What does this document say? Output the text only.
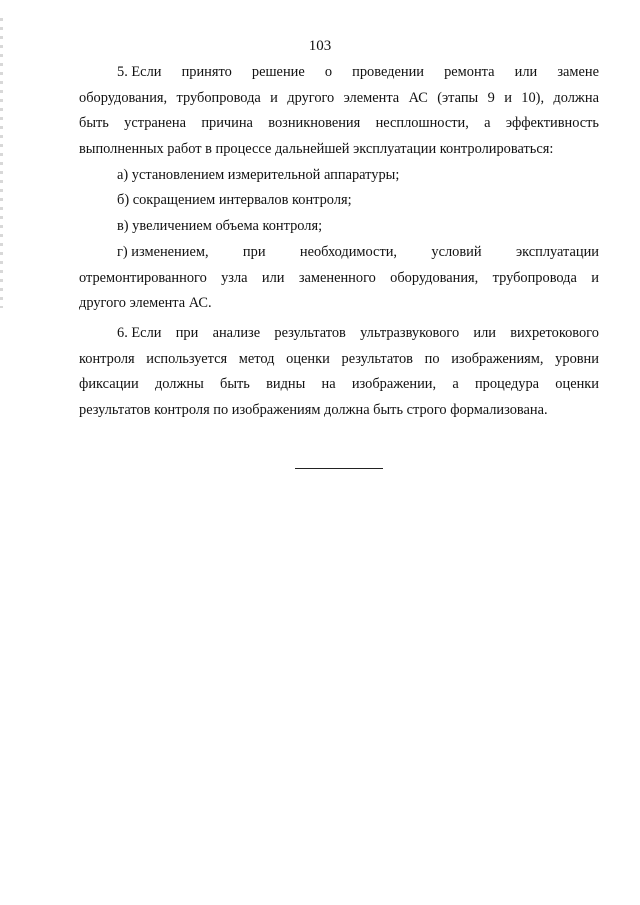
103
5. Если принято решение о проведении ремонта или замене
оборудования, трубопровода и другого элемента АС (этапы 9 и 10), должна
быть устранена причина возникновения несплошности, а эффективность
выполненных работ в процессе дальнейшей эксплуатации контролироваться:
а) установлением измерительной аппаратуры;
б) сокращением интервалов контроля;
в) увеличением объема контроля;
г) изменением, при необходимости, условий эксплуатации
отремонтированного узла или замененного оборудования, трубопровода и
другого элемента АС.
6. Если при анализе результатов ультразвукового или вихретокового
контроля используется метод оценки результатов по изображениям, уровни
фиксации должны быть видны на изображении, а процедура оценки
результатов контроля по изображениям должна быть строго формализована.
